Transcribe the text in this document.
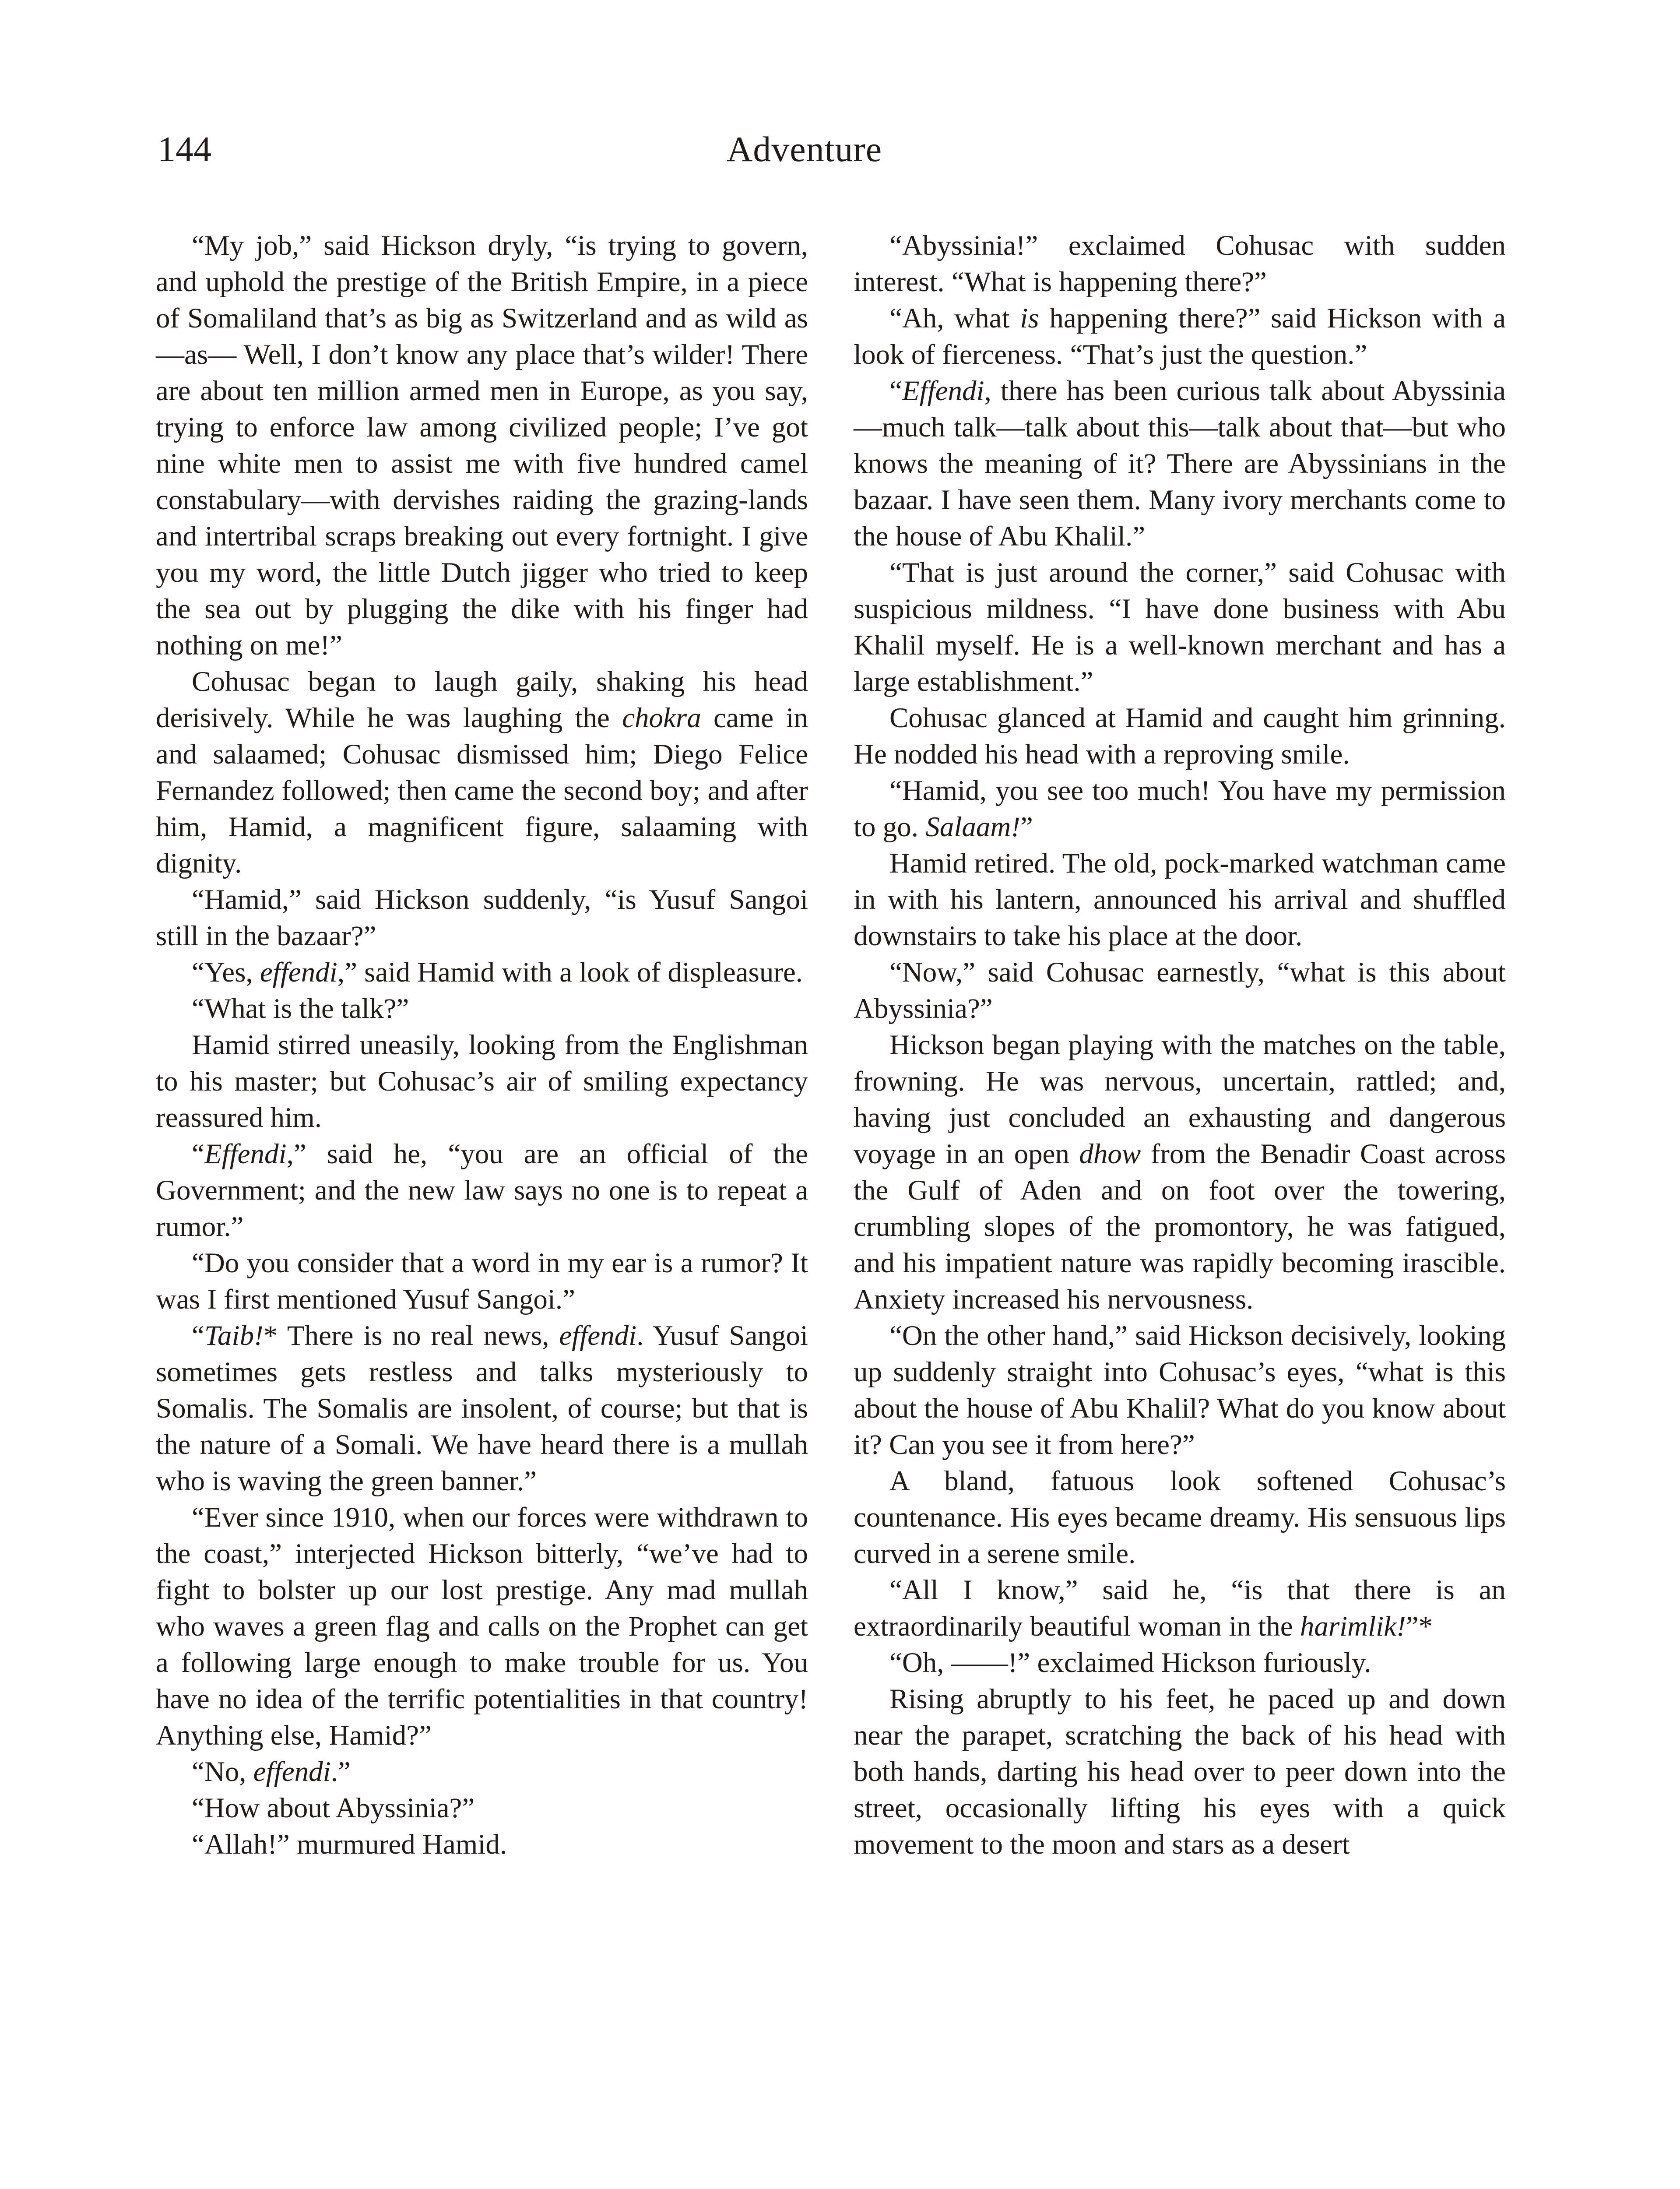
144	Adventure

“My job,” said Hickson dryly, “is trying to govern, and uphold the prestige of the British Empire, in a piece of Somaliland that’s as big as Switzerland and as wild as —as— Well, I don’t know any place that’s wilder! There are about ten million armed men in Europe, as you say, trying to enforce law among civilized people; I’ve got nine white men to assist me with five hundred camel constabulary—with dervishes raiding the grazing-lands and intertribal scraps breaking out every fortnight. I give you my word, the little Dutch jigger who tried to keep the sea out by plugging the dike with his finger had nothing on me!”

Cohusac began to laugh gaily, shaking his head derisively. While he was laughing the chokra came in and salaamed; Cohusac dismissed him; Diego Felice Fernandez followed; then came the second boy; and after him, Hamid, a magnificent figure, salaaming with dignity.

“Hamid,” said Hickson suddenly, “is Yusuf Sangoi still in the bazaar?”

“Yes, effendi,” said Hamid with a look of displeasure.

“What is the talk?”

Hamid stirred uneasily, looking from the Englishman to his master; but Cohusac’s air of smiling expectancy reassured him.

“Effendi,” said he, “you are an official of the Government; and the new law says no one is to repeat a rumor.”

“Do you consider that a word in my ear is a rumor? It was I first mentioned Yusuf Sangoi.”

“Taib!* There is no real news, effendi. Yusuf Sangoi sometimes gets restless and talks mysteriously to Somalis. The Somalis are insolent, of course; but that is the nature of a Somali. We have heard there is a mullah who is waving the green banner.”

“Ever since 1910, when our forces were withdrawn to the coast,” interjected Hickson bitterly, “we’ve had to fight to bolster up our lost prestige. Any mad mullah who waves a green flag and calls on the Prophet can get a following large enough to make trouble for us. You have no idea of the terrific potentialities in that country! Anything else, Hamid?”

“No, effendi.”

“How about Abyssinia?”

“Allah!” murmured Hamid.

“Abyssinia!” exclaimed Cohusac with sudden interest. “What is happening there?”

“Ah, what is happening there?” said Hickson with a look of fierceness. “That’s just the question.”

“Effendi, there has been curious talk about Abyssinia—much talk—talk about this—talk about that—but who knows the meaning of it? There are Abyssinians in the bazaar. I have seen them. Many ivory merchants come to the house of Abu Khalil.”

“That is just around the corner,” said Cohusac with suspicious mildness. “I have done business with Abu Khalil myself. He is a well-known merchant and has a large establishment.”

Cohusac glanced at Hamid and caught him grinning. He nodded his head with a reproving smile.

“Hamid, you see too much! You have my permission to go. Salaam!”

Hamid retired. The old, pock-marked watchman came in with his lantern, announced his arrival and shuffled downstairs to take his place at the door.

“Now,” said Cohusac earnestly, “what is this about Abyssinia?”

Hickson began playing with the matches on the table, frowning. He was nervous, uncertain, rattled; and, having just concluded an exhausting and dangerous voyage in an open dhow from the Benadir Coast across the Gulf of Aden and on foot over the towering, crumbling slopes of the promontory, he was fatigued, and his impatient nature was rapidly becoming irascible. Anxiety increased his nervousness.

“On the other hand,” said Hickson decisively, looking up suddenly straight into Cohusac’s eyes, “what is this about the house of Abu Khalil? What do you know about it? Can you see it from here?”

A bland, fatuous look softened Cohusac’s countenance. His eyes became dreamy. His sensuous lips curved in a serene smile.

“All I know,” said he, “is that there is an extraordinarily beautiful woman in the harimlik!”*

“Oh, ——!” exclaimed Hickson furiously.

Rising abruptly to his feet, he paced up and down near the parapet, scratching the back of his head with both hands, darting his head over to peer down into the street, occasionally lifting his eyes with a quick movement to the moon and stars as a desert
